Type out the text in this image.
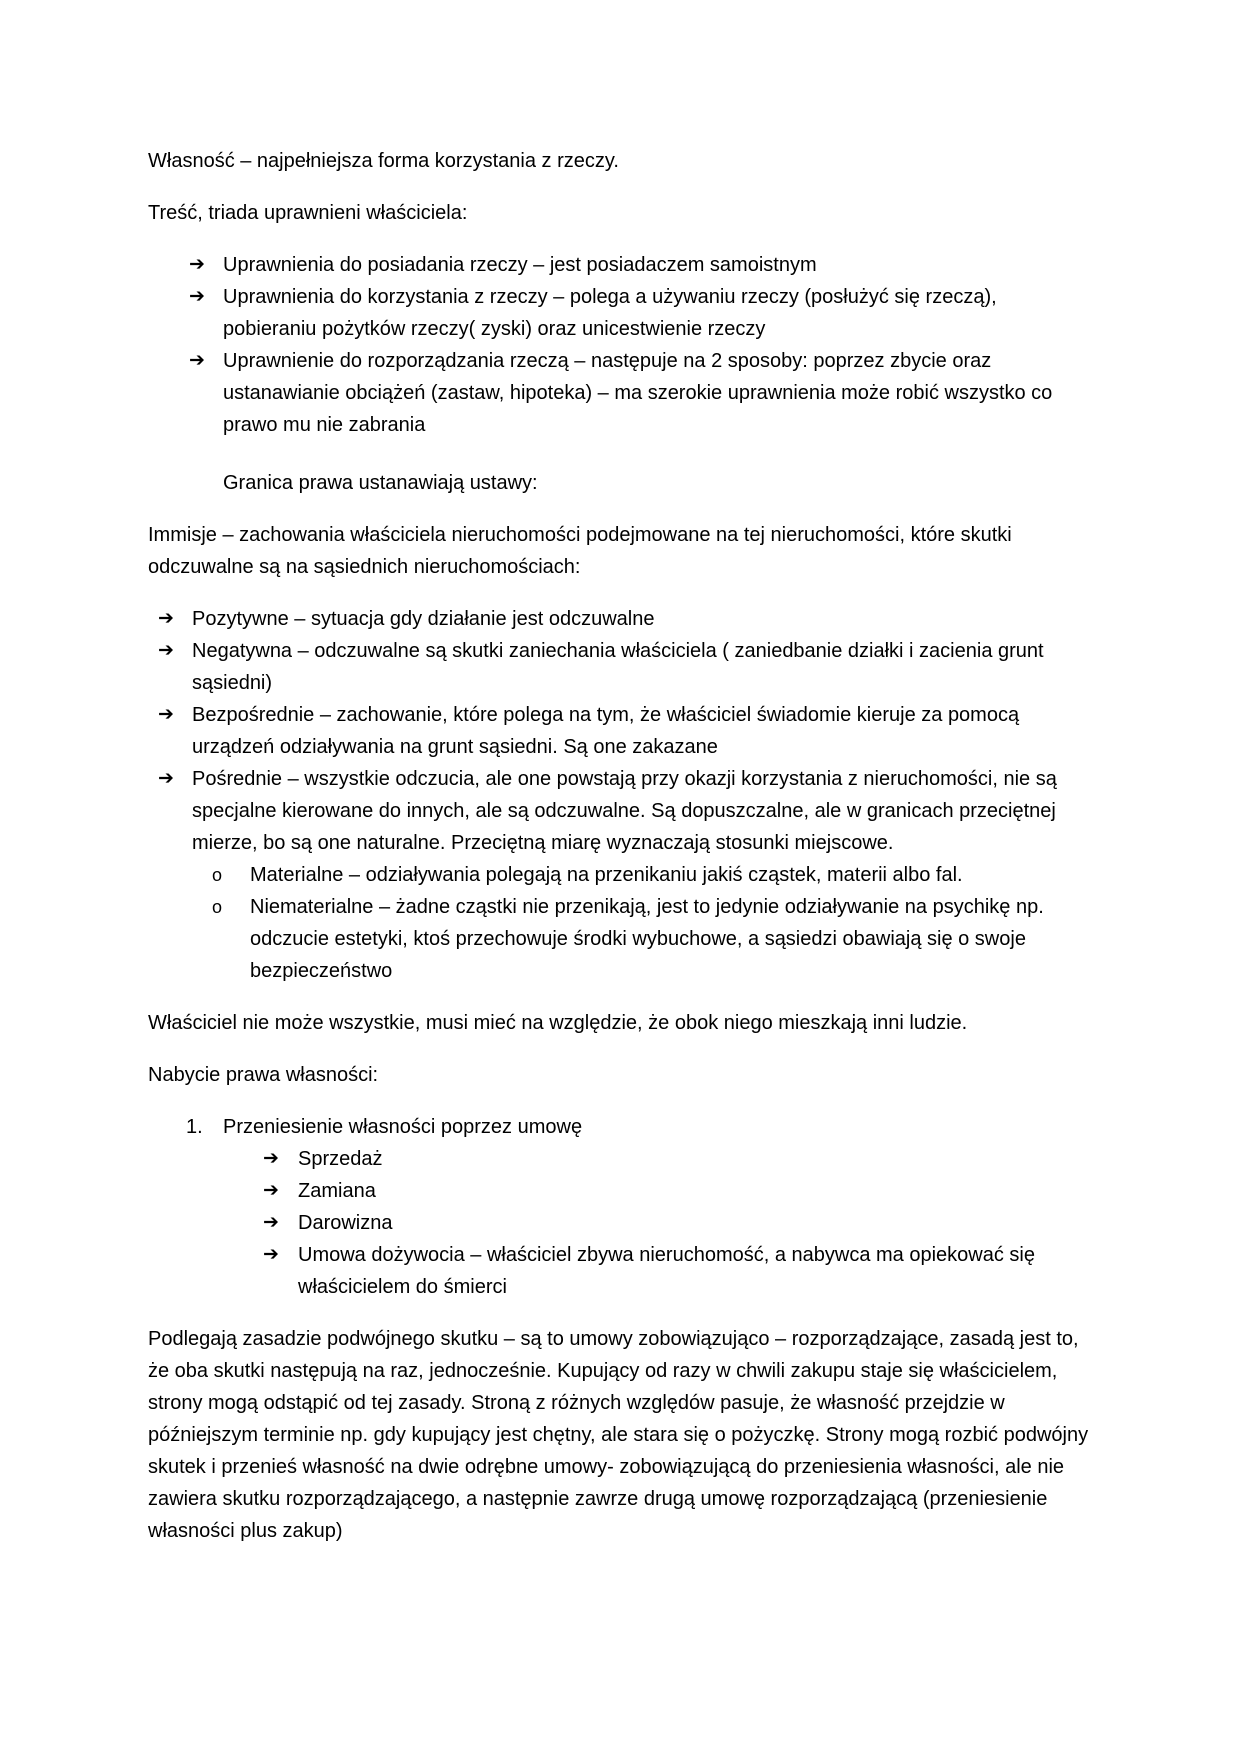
Własność – najpełniejsza forma korzystania z rzeczy.

Treść, triada uprawnieni właściciela:

➔ Uprawnienia do posiadania rzeczy – jest posiadaczem samoistnym
➔ Uprawnienia do korzystania z rzeczy – polega a używaniu rzeczy (posłużyć się rzeczą), pobieraniu pożytków rzeczy( zyski) oraz unicestwienie rzeczy
➔ Uprawnienie do rozporządzania rzeczą – następuje na 2 sposoby: poprzez zbycie oraz ustanawianie obciążeń (zastaw, hipoteka) – ma szerokie uprawnienia może robić wszystko co prawo mu nie zabrania

Granica prawa ustanawiają ustawy:

Immisje – zachowania właściciela nieruchomości podejmowane na tej nieruchomości, które skutki odczuwalne są na sąsiednich nieruchomościach:

➔ Pozytywne – sytuacja gdy działanie jest odczuwalne
➔ Negatywna – odczuwalne są skutki zaniechania właściciela ( zaniedbanie działki i zacienia grunt sąsiedni)
➔ Bezpośrednie – zachowanie, które polega na tym, że właściciel świadomie kieruje za pomocą urządzeń odziaływania na grunt sąsiedni. Są one zakazane
➔ Pośrednie – wszystkie odczucia, ale one powstają przy okazji korzystania z nieruchomości, nie są specjalne kierowane do innych, ale są odczuwalne. Są dopuszczalne, ale w granicach przeciętnej mierze, bo są one naturalne. Przeciętną miarę wyznaczają stosunki miejscowe.
o Materialne – odziaływania polegają na przenikaniu jakiś cząstek, materii albo fal.
o Niematerialne – żadne cząstki nie przenikają, jest to jedynie odziaływanie na psychikę np. odczucie estetyki, ktoś przechowuje środki wybuchowe, a sąsiedzi obawiają się o swoje bezpieczeństwo

Właściciel nie może wszystkie, musi mieć na względzie, że obok niego mieszkają inni ludzie.

Nabycie prawa własności:

1. Przeniesienie własności poprzez umowę
➔ Sprzedaż
➔ Zamiana
➔ Darowizna
➔ Umowa dożywocia – właściciel zbywa nieruchomość, a nabywca ma opiekować się właścicielem do śmierci

Podlegają zasadzie podwójnego skutku – są to umowy zobowiązująco – rozporządzające, zasadą jest to, że oba skutki następują na raz, jednocześnie. Kupujący od razy w chwili zakupu staje się właścicielem, strony mogą odstąpić od tej zasady. Stroną z różnych względów pasuje, że własność przejdzie w późniejszym terminie np. gdy kupujący jest chętny, ale stara się o pożyczkę. Strony mogą rozbić podwójny skutek i przenieś własność na dwie odrębne umowy- zobowiązującą do przeniesienia własności, ale nie zawiera skutku rozporządzającego, a następnie zawrze drugą umowę rozporządzającą (przeniesienie własności plus zakup)
